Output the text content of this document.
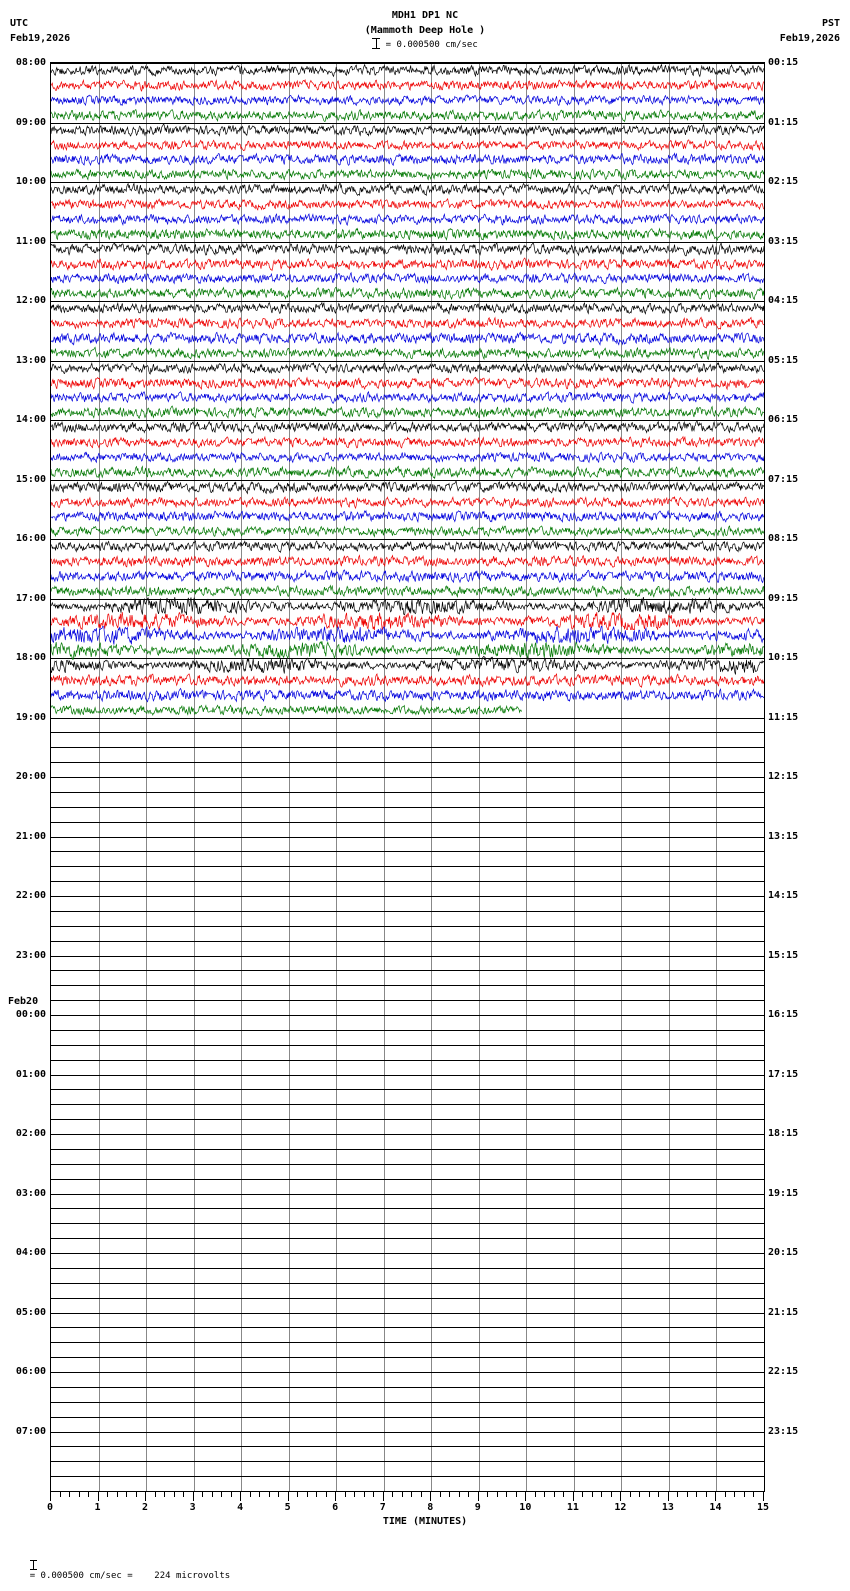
UTC
Feb19,2026
MDH1 DP1 NC
(Mammoth Deep Hole )
PST
Feb19,2026
= 0.000500 cm/sec
08:00
09:00
10:00
11:00
12:00
13:00
14:00
15:00
16:00
17:00
18:00
19:00
20:00
21:00
22:00
23:00
00:00
01:00
02:00
03:00
04:00
05:00
06:00
07:00
Feb20
00:15
01:15
02:15
03:15
04:15
05:15
06:15
07:15
08:15
09:15
10:15
11:15
12:15
13:15
14:15
15:15
16:15
17:15
18:15
19:15
20:15
21:15
22:15
23:15
0	1	2	3	4	5	6	7	8	9	10	11	12	13	14	15
TIME (MINUTES)

= 0.000500 cm/sec =    224 microvolts
